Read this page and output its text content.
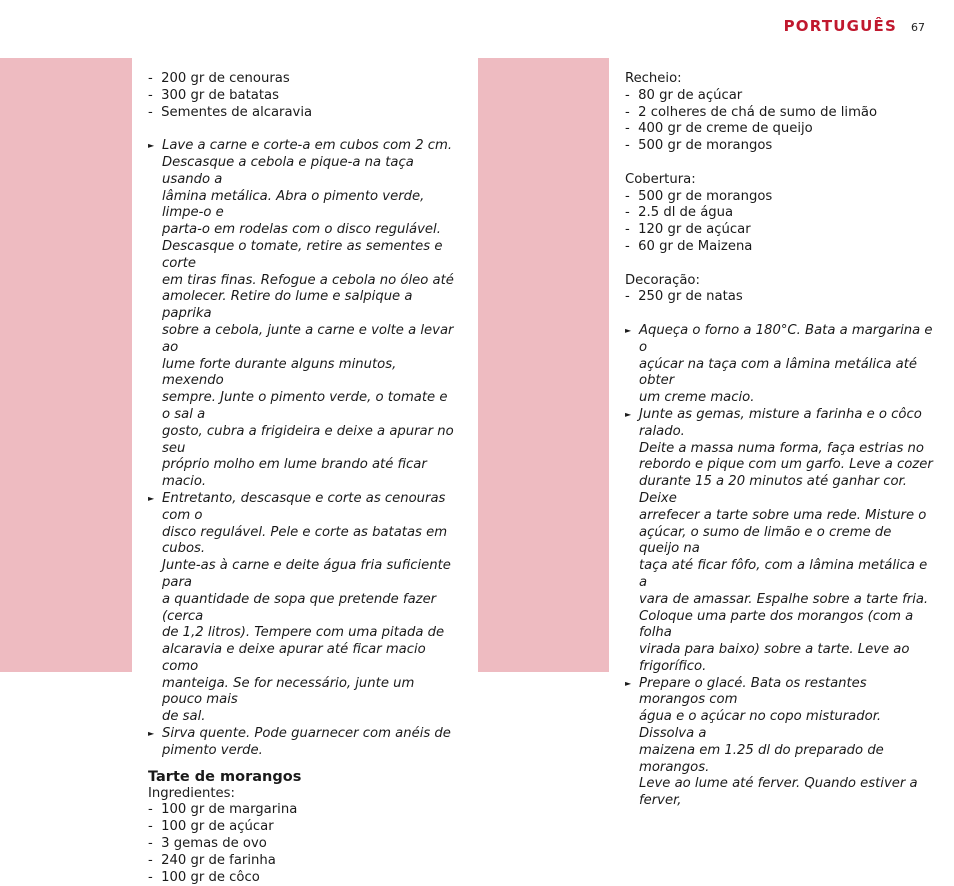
PORTUGUÊS 67

-  200 gr de cenouras

-  300 gr de batatas

-  Sementes de alcaravia

► Lave a carne e corte-a em cubos com 2 cm.
Descasque a cebola e pique-a na taça usando a
lâmina metálica. Abra o pimento verde, limpe-o e
parta-o em rodelas com o disco regulável.
Descasque o tomate, retire as sementes e corte
em tiras finas. Refogue a cebola no óleo até
amolecer. Retire do lume e salpique a paprika
sobre a cebola, junte a carne e volte a levar ao
lume forte durante alguns minutos, mexendo
sempre. Junte o pimento verde, o tomate e o sal a
gosto, cubra a frigideira e deixe a apurar no seu
próprio molho em lume brando até ficar macio.
► Entretanto, descasque e corte as cenouras com o
disco regulável. Pele e corte as batatas em cubos.
Junte-as à carne e deite água fria suficiente para
a quantidade de sopa que pretende fazer (cerca
de 1,2 litros). Tempere com uma pitada de
alcaravia e deixe apurar até ficar macio como
manteiga. Se for necessário, junte um pouco mais
de sal.
► Sirva quente. Pode guarnecer com anéis de
pimento verde.
Tarte de morangos

Ingredientes:

-  100 gr de margarina

-  100 gr de açúcar

-  3 gemas de ovo

-  240 gr de farinha

-  100 gr de côco

Recheio:

-  80 gr de açúcar

-  2 colheres de chá de sumo de limão

-  400 gr de creme de queijo

-  500 gr de morangos

Cobertura:

-  500 gr de morangos

-  2.5 dl de água

-  120 gr de açúcar

-  60 gr de Maizena

Decoração:

-  250 gr de natas

► Aqueça o forno a 180°C. Bata a margarina e o
açúcar na taça com a lâmina metálica até obter
um creme macio.
► Junte as gemas, misture a farinha e o côco ralado.
Deite a massa numa forma, faça estrias no
rebordo e pique com um garfo. Leve a cozer
durante 15 a 20 minutos até ganhar cor. Deixe
arrefecer a tarte sobre uma rede. Misture o
açúcar, o sumo de limão e o creme de queijo na
taça até ficar fôfo, com a lâmina metálica e a
vara de amassar. Espalhe sobre a tarte fria.
Coloque uma parte dos morangos (com a folha
virada para baixo) sobre a tarte. Leve ao
frigorífico.
► Prepare o glacé. Bata os restantes morangos com
água e o açúcar no copo misturador. Dissolva a
maizena em 1.25 dl do preparado de morangos.
Leve ao lume até ferver. Quando estiver a ferver,
